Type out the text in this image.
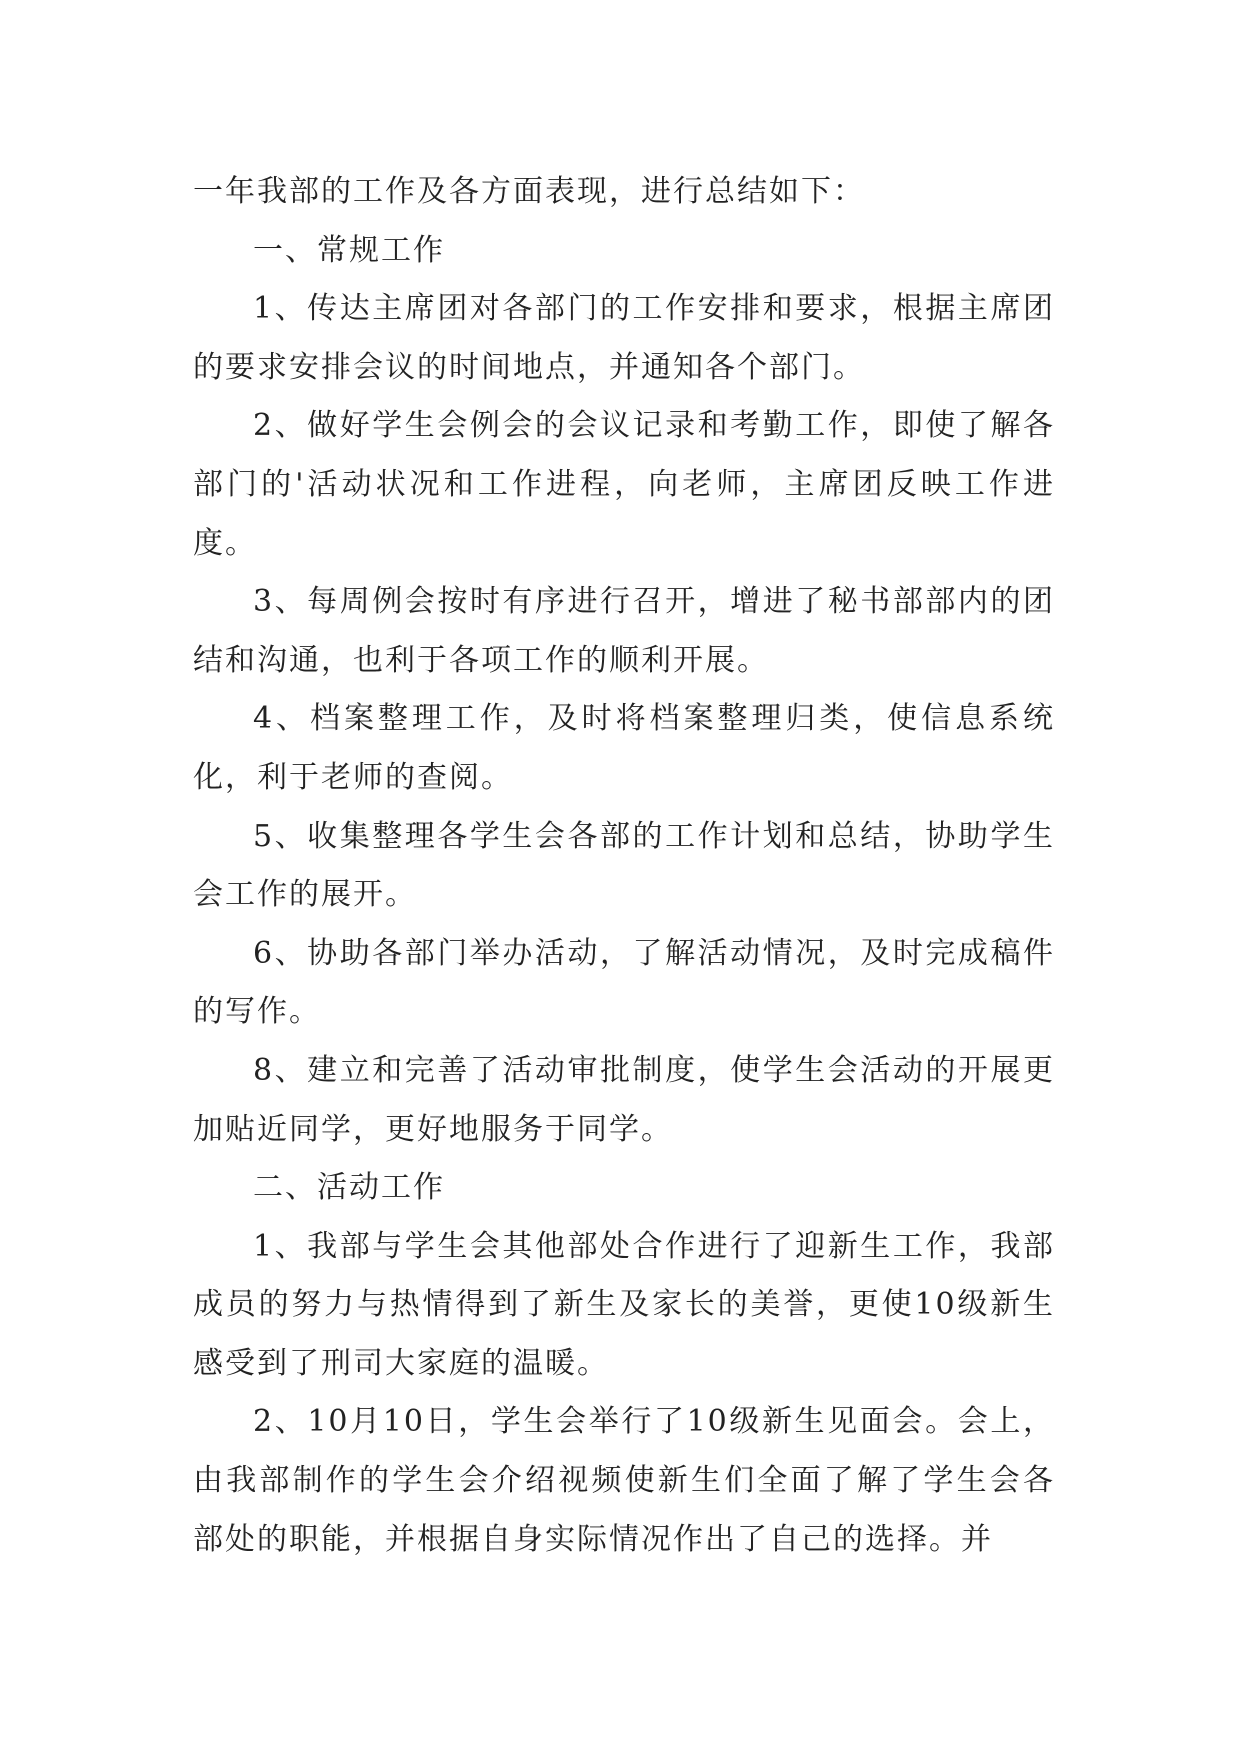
一年我部的工作及各方面表现，进行总结如下：

一、常规工作

1、传达主席团对各部门的工作安排和要求，根据主席团的要求安排会议的时间地点，并通知各个部门。

2、做好学生会例会的会议记录和考勤工作，即使了解各部门的'活动状况和工作进程，向老师，主席团反映工作进度。

3、每周例会按时有序进行召开，增进了秘书部部内的团结和沟通，也利于各项工作的顺利开展。

4、档案整理工作，及时将档案整理归类，使信息系统化，利于老师的查阅。

5、收集整理各学生会各部的工作计划和总结，协助学生会工作的展开。

6、协助各部门举办活动，了解活动情况，及时完成稿件的写作。

8、建立和完善了活动审批制度，使学生会活动的开展更加贴近同学，更好地服务于同学。

二、活动工作

1、我部与学生会其他部处合作进行了迎新生工作，我部成员的努力与热情得到了新生及家长的美誉，更使10级新生感受到了刑司大家庭的温暖。

2、10月10日，学生会举行了10级新生见面会。会上，由我部制作的学生会介绍视频使新生们全面了解了学生会各部处的职能，并根据自身实际情况作出了自己的选择。并
